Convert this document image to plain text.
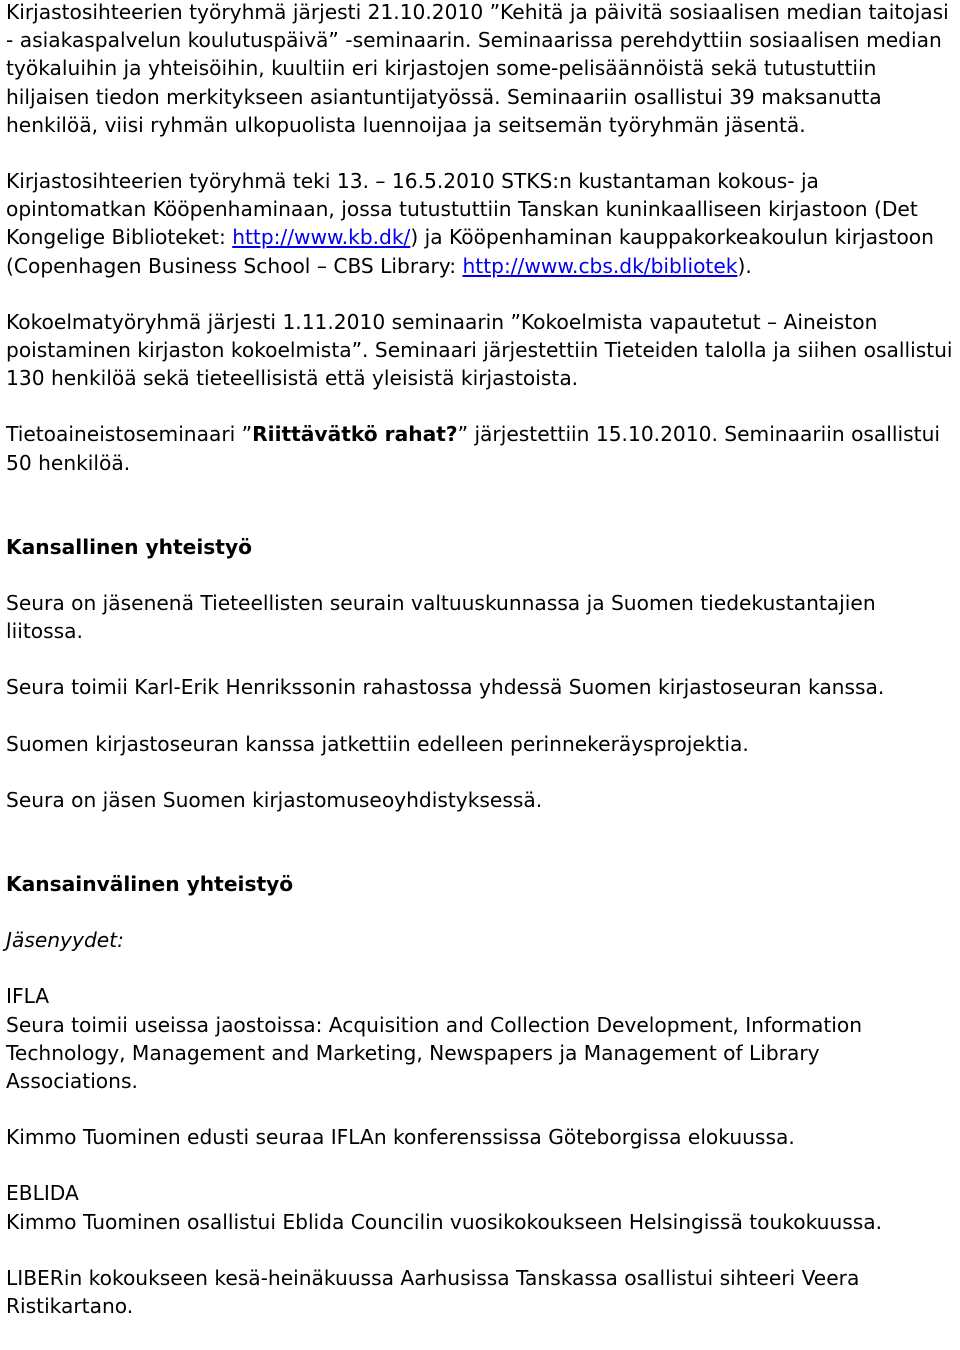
Kirjastosihteerien työryhmä järjesti 21.10.2010 ”Kehitä ja päivitä sosiaalisen median taitojasi - asiakaspalvelun koulutuspäivä” -seminaarin. Seminaarissa perehdyttiin sosiaalisen median työkaluihin ja yhteisöihin, kuultiin eri kirjastojen some-pelisäännöistä sekä tutustuttiin hiljaisen tiedon merkitykseen asiantuntijatyössä. Seminaariin osallistui 39 maksanutta henkilöä, viisi ryhmän ulkopuolista luennoijaa ja seitsemän työryhmän jäsentä.

Kirjastosihteerien työryhmä teki 13. – 16.5.2010 STKS:n kustantaman kokous- ja opintomatkan Kööpenhaminaan, jossa tutustuttiin Tanskan kuninkaalliseen kirjastoon (Det Kongelige Biblioteket: http://www.kb.dk/) ja Kööpenhaminan kauppakorkeakoulun kirjastoon (Copenhagen Business School – CBS Library: http://www.cbs.dk/bibliotek).

Kokoelmatyöryhmä järjesti 1.11.2010 seminaarin ”Kokoelmista vapautetut – Aineiston poistaminen kirjaston kokoelmista”. Seminaari järjestettiin Tieteiden talolla ja siihen osallistui 130 henkilöä sekä tieteellisistä että yleisistä kirjastoista.

Tietoaineistoseminaari ”Riittävätkö rahat?” järjestettiin 15.10.2010. Seminaariin osallistui 50 henkilöä.

Kansallinen yhteistyö

Seura on jäsenenä Tieteellisten seurain valtuuskunnassa ja Suomen tiedekustantajien liitossa.

Seura toimii Karl-Erik Henrikssonin rahastossa yhdessä Suomen kirjastoseuran kanssa.

Suomen kirjastoseuran kanssa jatkettiin edelleen perinnekeräysprojektia.

Seura on jäsen Suomen kirjastomuseoyhdistyksessä.

Kansainvälinen yhteistyö

Jäsenyydet:

IFLA

Seura toimii useissa jaostoissa: Acquisition and Collection Development, Information Technology, Management and Marketing, Newspapers ja Management of Library Associations.

Kimmo Tuominen edusti seuraa IFLAn konferenssissa Göteborgissa elokuussa.

EBLIDA

Kimmo Tuominen osallistui Eblida Councilin vuosikokoukseen Helsingissä toukokuussa.

LIBERin kokoukseen kesä-heinäkuussa Aarhusissa Tanskassa osallistui sihteeri Veera Ristikartano.
